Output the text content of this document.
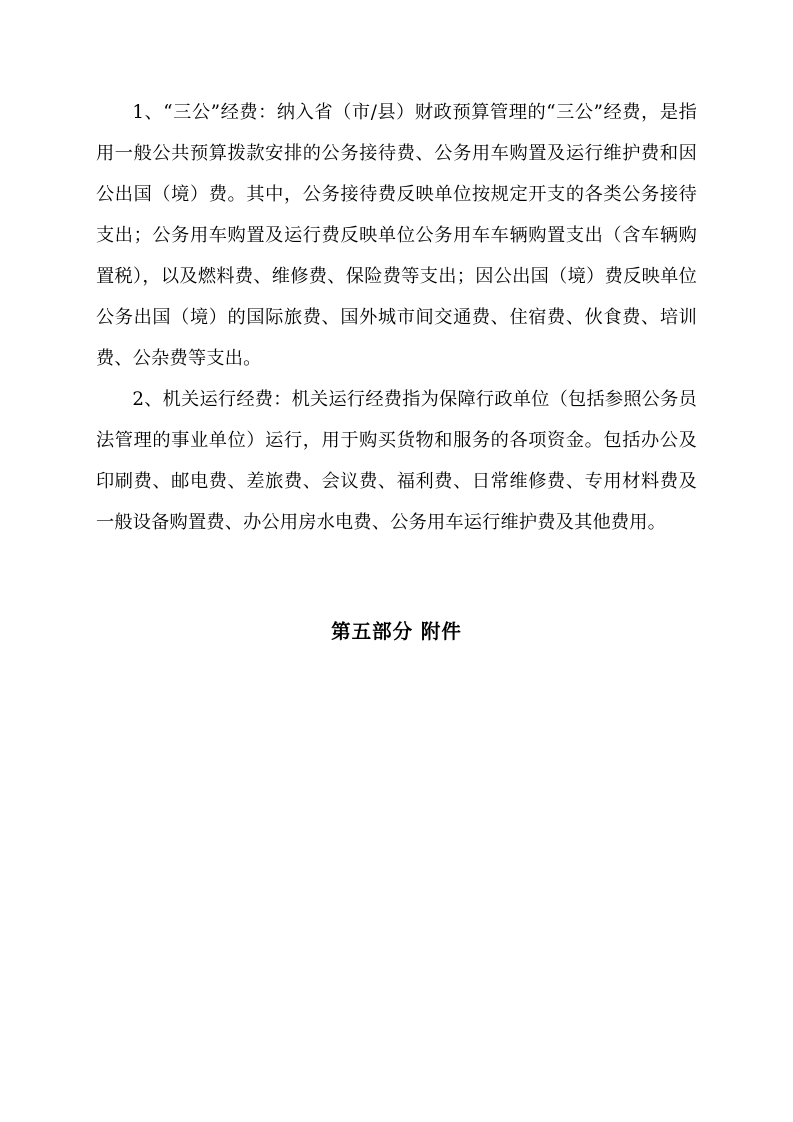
1、“三公”经费：纳入省（市/县）财政预算管理的“三公”经费，是指用一般公共预算拨款安排的公务接待费、公务用车购置及运行维护费和因公出国（境）费。其中，公务接待费反映单位按规定开支的各类公务接待支出；公务用车购置及运行费反映单位公务用车车辆购置支出（含车辆购置税），以及燃料费、维修费、保险费等支出；因公出国（境）费反映单位公务出国（境）的国际旅费、国外城市间交通费、住宿费、伙食费、培训费、公杂费等支出。

2、机关运行经费：机关运行经费指为保障行政单位（包括参照公务员法管理的事业单位）运行，用于购买货物和服务的各项资金。包括办公及印刷费、邮电费、差旅费、会议费、福利费、日常维修费、专用材料费及一般设备购置费、办公用房水电费、公务用车运行维护费及其他费用。

第五部分 附件
